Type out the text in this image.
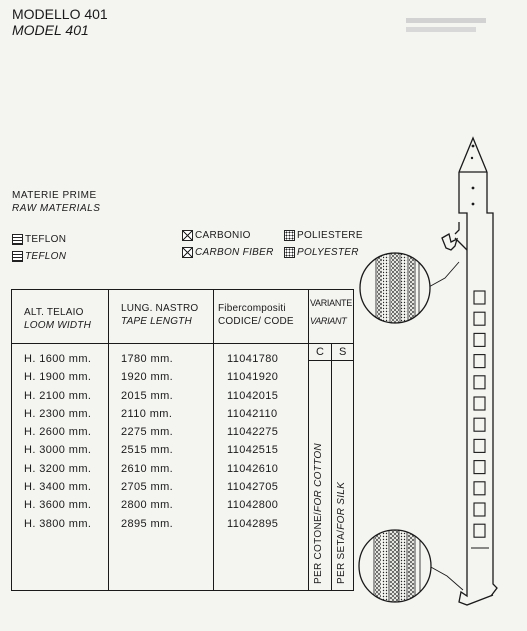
MODELLO 401
MODEL 401
MATERIE PRIME
RAW MATERIALS
TEFLON
TEFLON
CARBONIO
CARBON FIBER
POLIESTERE
POLYESTER
ALT. TELAIO
LOOM WIDTH
LUNG. NASTRO
TAPE LENGTH
Fibercompositi
CODICE/ CODE
VARIANTE
VARIANT
C S
H. 1600 mm.
H. 1900 mm.
H. 2100 mm.
H. 2300 mm.
H. 2600 mm.
H. 3000 mm.
H. 3200 mm.
H. 3400 mm.
H. 3600 mm.
H. 3800 mm.
1780 mm.
1920 mm.
2015 mm.
2110 mm.
2275 mm.
2515 mm.
2610 mm.
2705 mm.
2800 mm.
2895 mm.
11041780
11041920
11042015
11042110
11042275
11042515
11042610
11042705
11042800
11042895	PER COTONE/FOR COTTON
PER SETA/FOR SILK
